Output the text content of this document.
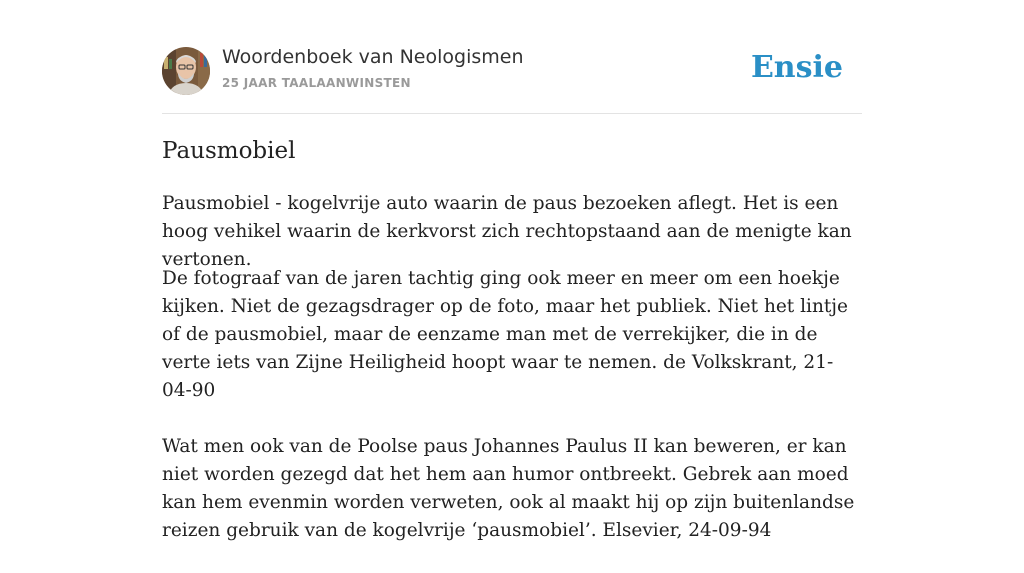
Woordenboek van Neologismen
25 JAAR TAALAANWINSTEN	Ensie
Pausmobiel

Pausmobiel - kogelvrije auto waarin de paus bezoeken aflegt. Het is een hoog vehikel waarin de kerkvorst zich rechtopstaand aan de menigte kan vertonen.

De fotograaf van de jaren tachtig ging ook meer en meer om een hoekje kijken. Niet de gezagsdrager op de foto, maar het publiek. Niet het lintje of de pausmobiel, maar de eenzame man met de verrekijker, die in de verte iets van Zijne Heiligheid hoopt waar te nemen. de Volkskrant, 21-04-90

Wat men ook van de Poolse paus Johannes Paulus II kan beweren, er kan niet worden gezegd dat het hem aan humor ontbreekt. Gebrek aan moed kan hem evenmin worden verweten, ook al maakt hij op zijn buitenlandse reizen gebruik van de kogelvrije ‘pausmobiel’. Elsevier, 24-09-94
